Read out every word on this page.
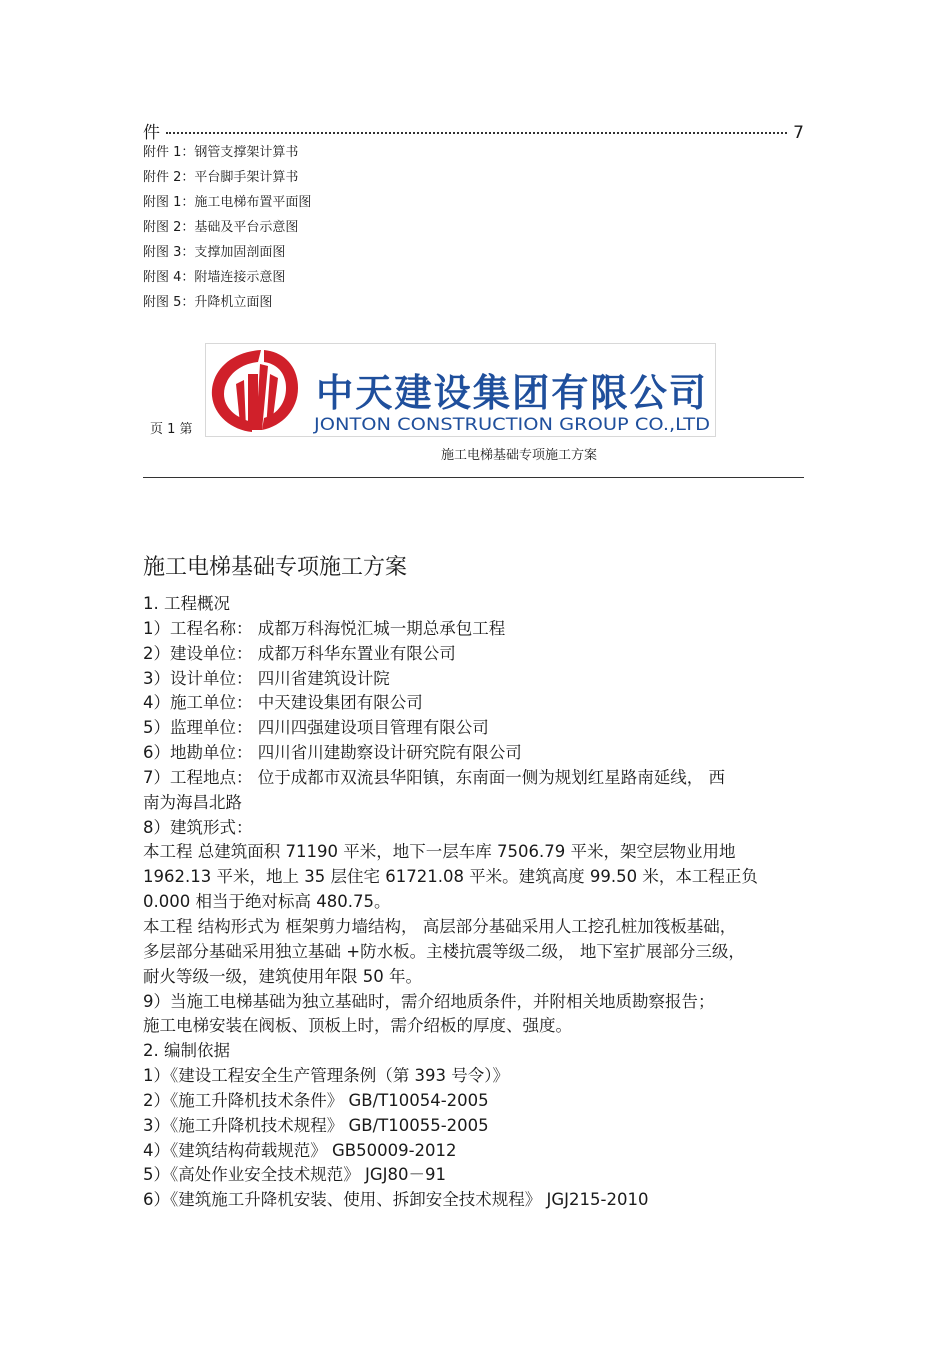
件	7
附件 1：钢管支撑架计算书
附件 2：平台脚手架计算书
附图 1：施工电梯布置平面图
附图 2：基础及平台示意图
附图 3：支撑加固剖面图
附图 4：附墙连接示意图
附图 5：升降机立面图
中天建设集团有限公司
JONTON CONSTRUCTION GROUP CO.,LTD
页 1 第
施工电梯基础专项施工方案
施工电梯基础专项施工方案
1. 工程概况
1）工程名称： 成都万科海悦汇城一期总承包工程
2）建设单位： 成都万科华东置业有限公司
3）设计单位： 四川省建筑设计院
4）施工单位： 中天建设集团有限公司
5）监理单位： 四川四强建设项目管理有限公司
6）地勘单位： 四川省川建勘察设计研究院有限公司
7）工程地点： 位于成都市双流县华阳镇，东南面一侧为规划红星路南延线， 西
南为海昌北路
8）建筑形式：
本工程 总建筑面积 71190 平米，地下一层车库 7506.79 平米，架空层物业用地
1962.13 平米，地上 35 层住宅 61721.08 平米。建筑高度 99.50 米，本工程正负
0.000 相当于绝对标高 480.75。
本工程 结构形式为 框架剪力墙结构， 高层部分基础采用人工挖孔桩加筏板基础，
多层部分基础采用独立基础 +防水板。主楼抗震等级二级， 地下室扩展部分三级，
耐火等级一级，建筑使用年限 50 年。
9）当施工电梯基础为独立基础时，需介绍地质条件，并附相关地质勘察报告；
施工电梯安装在阀板、顶板上时，需介绍板的厚度、强度。
2. 编制依据
1）《建设工程安全生产管理条例（第 393 号令）》
2）《施工升降机技术条件》 GB/T10054-2005
3）《施工升降机技术规程》 GB/T10055-2005
4）《建筑结构荷载规范》 GB50009-2012
5）《高处作业安全技术规范》 JGJ80－91
6）《建筑施工升降机安装、使用、拆卸安全技术规程》 JGJ215-2010
